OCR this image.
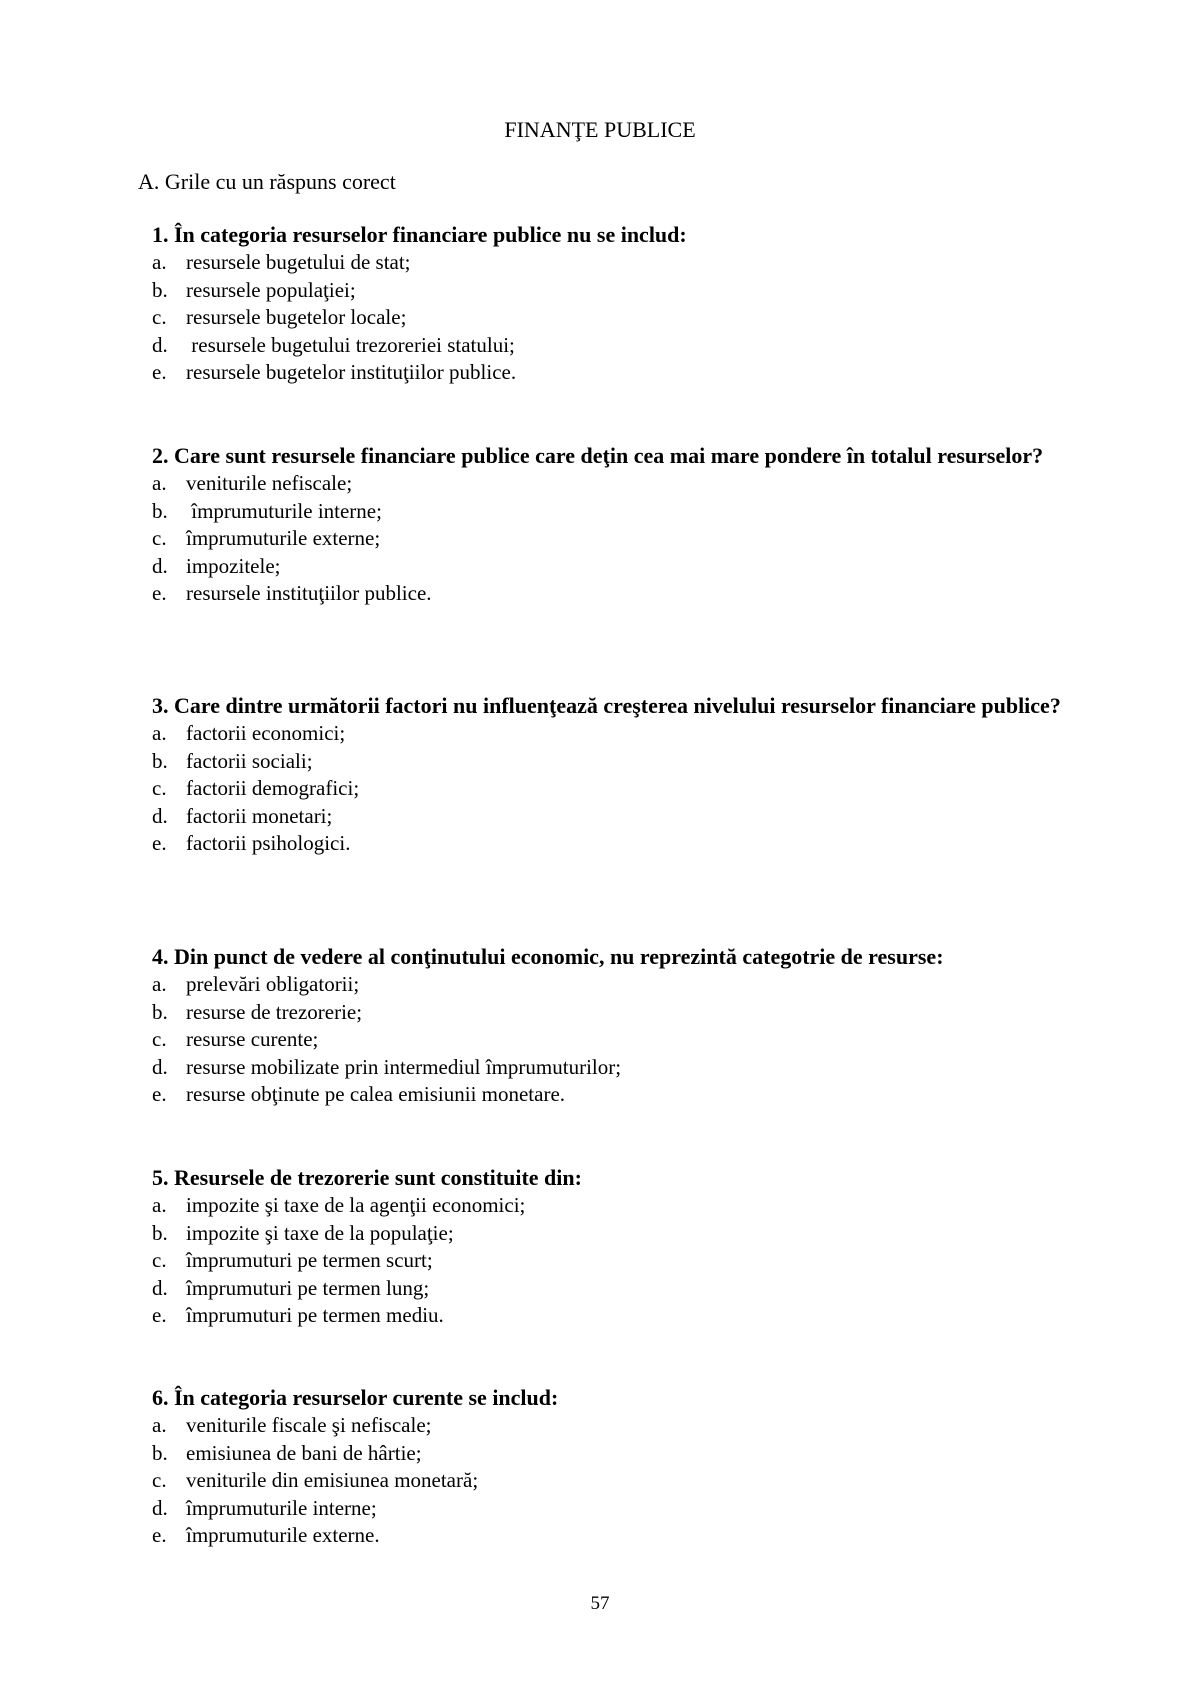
FINANŢE PUBLICE
A. Grile cu un răspuns corect

1. În categoria resurselor financiare publice nu se includ:

a. resursele bugetului de stat;
b. resursele populaţiei;
c. resursele bugetelor locale;
d. resursele bugetului trezoreriei statului;
e. resursele bugetelor instituţiilor publice.

2. Care sunt resursele financiare publice care deţin cea mai mare pondere în totalul resurselor?

a. veniturile nefiscale;
b. împrumuturile interne;
c. împrumuturile externe;
d. impozitele;
e. resursele instituţiilor publice.

3. Care dintre următorii factori nu influenţează creşterea nivelului resurselor financiare publice?

a. factorii economici;
b. factorii sociali;
c. factorii demografici;
d. factorii monetari;
e. factorii psihologici.

4. Din punct de vedere al conţinutului economic, nu reprezintă categotrie de resurse:

a. prelevări obligatorii;
b. resurse de trezorerie;
c. resurse curente;
d. resurse mobilizate prin intermediul împrumuturilor;
e. resurse obţinute pe calea emisiunii monetare.

5. Resursele de trezorerie sunt constituite din:

a. impozite şi taxe de la agenţii economici;
b. impozite şi taxe de la populaţie;
c. împrumuturi pe termen scurt;
d. împrumuturi pe termen lung;
e. împrumuturi pe termen mediu.

6. În categoria resurselor curente se includ:

a. veniturile fiscale şi nefiscale;
b. emisiunea de bani de hârtie;
c. veniturile din emisiunea monetară;
d. împrumuturile interne;
e. împrumuturile externe.
57
